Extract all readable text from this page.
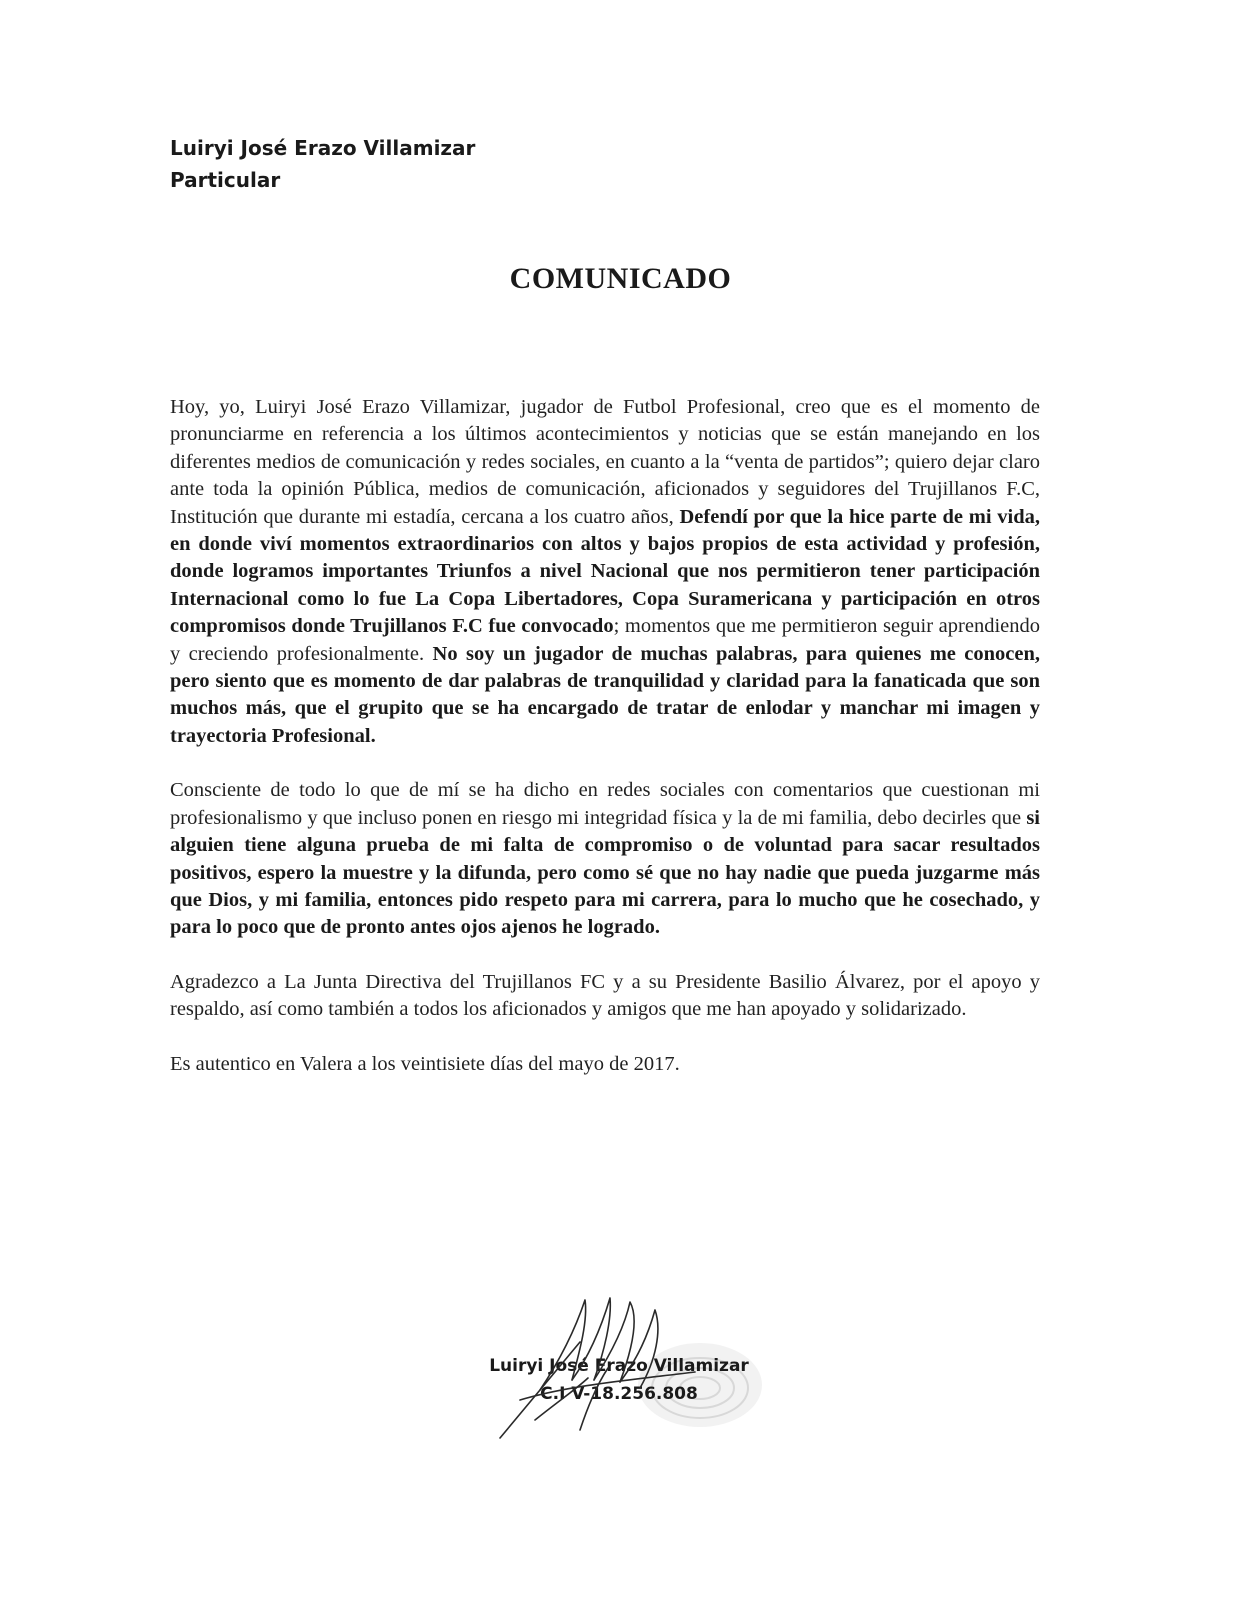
Luiryi José Erazo Villamizar
Particular
COMUNICADO

Hoy, yo, Luiryi José Erazo Villamizar, jugador de Futbol Profesional, creo que es el momento de pronunciarme en referencia a los últimos acontecimientos y noticias que se están manejando en los diferentes medios de comunicación y redes sociales, en cuanto a la “venta de partidos”; quiero dejar claro ante toda la opinión Pública, medios de comunicación, aficionados y seguidores del Trujillanos F.C, Institución que durante mi estadía, cercana a los cuatro años, Defendí por que la hice parte de mi vida, en donde viví momentos extraordinarios con altos y bajos propios de esta actividad y profesión, donde logramos importantes Triunfos a nivel Nacional que nos permitieron tener participación Internacional como lo fue La Copa Libertadores, Copa Suramericana y participación en otros compromisos donde Trujillanos F.C fue convocado; momentos que me permitieron seguir aprendiendo y creciendo profesionalmente. No soy un jugador de muchas palabras, para quienes me conocen, pero siento que es momento de dar palabras de tranquilidad y claridad para la fanaticada que son muchos más, que el grupito que se ha encargado de tratar de enlodar y manchar mi imagen y trayectoria Profesional.

Consciente de todo lo que de mí se ha dicho en redes sociales con comentarios que cuestionan mi profesionalismo y que incluso ponen en riesgo mi integridad física y la de mi familia, debo decirles que si alguien tiene alguna prueba de mi falta de compromiso o de voluntad para sacar resultados positivos, espero la muestre y la difunda, pero como sé que no hay nadie que pueda juzgarme más que Dios, y mi familia, entonces pido respeto para mi carrera, para lo mucho que he cosechado, y para lo poco que de pronto antes ojos ajenos he logrado.

Agradezco a La Junta Directiva del Trujillanos FC y a su Presidente Basilio Álvarez, por el apoyo y respaldo, así como también a todos los aficionados y amigos que me han apoyado y solidarizado.

Es autentico en Valera a los veintisiete días del mayo de 2017.

Luiryi José Erazo Villamizar
C.I V-18.256.808
